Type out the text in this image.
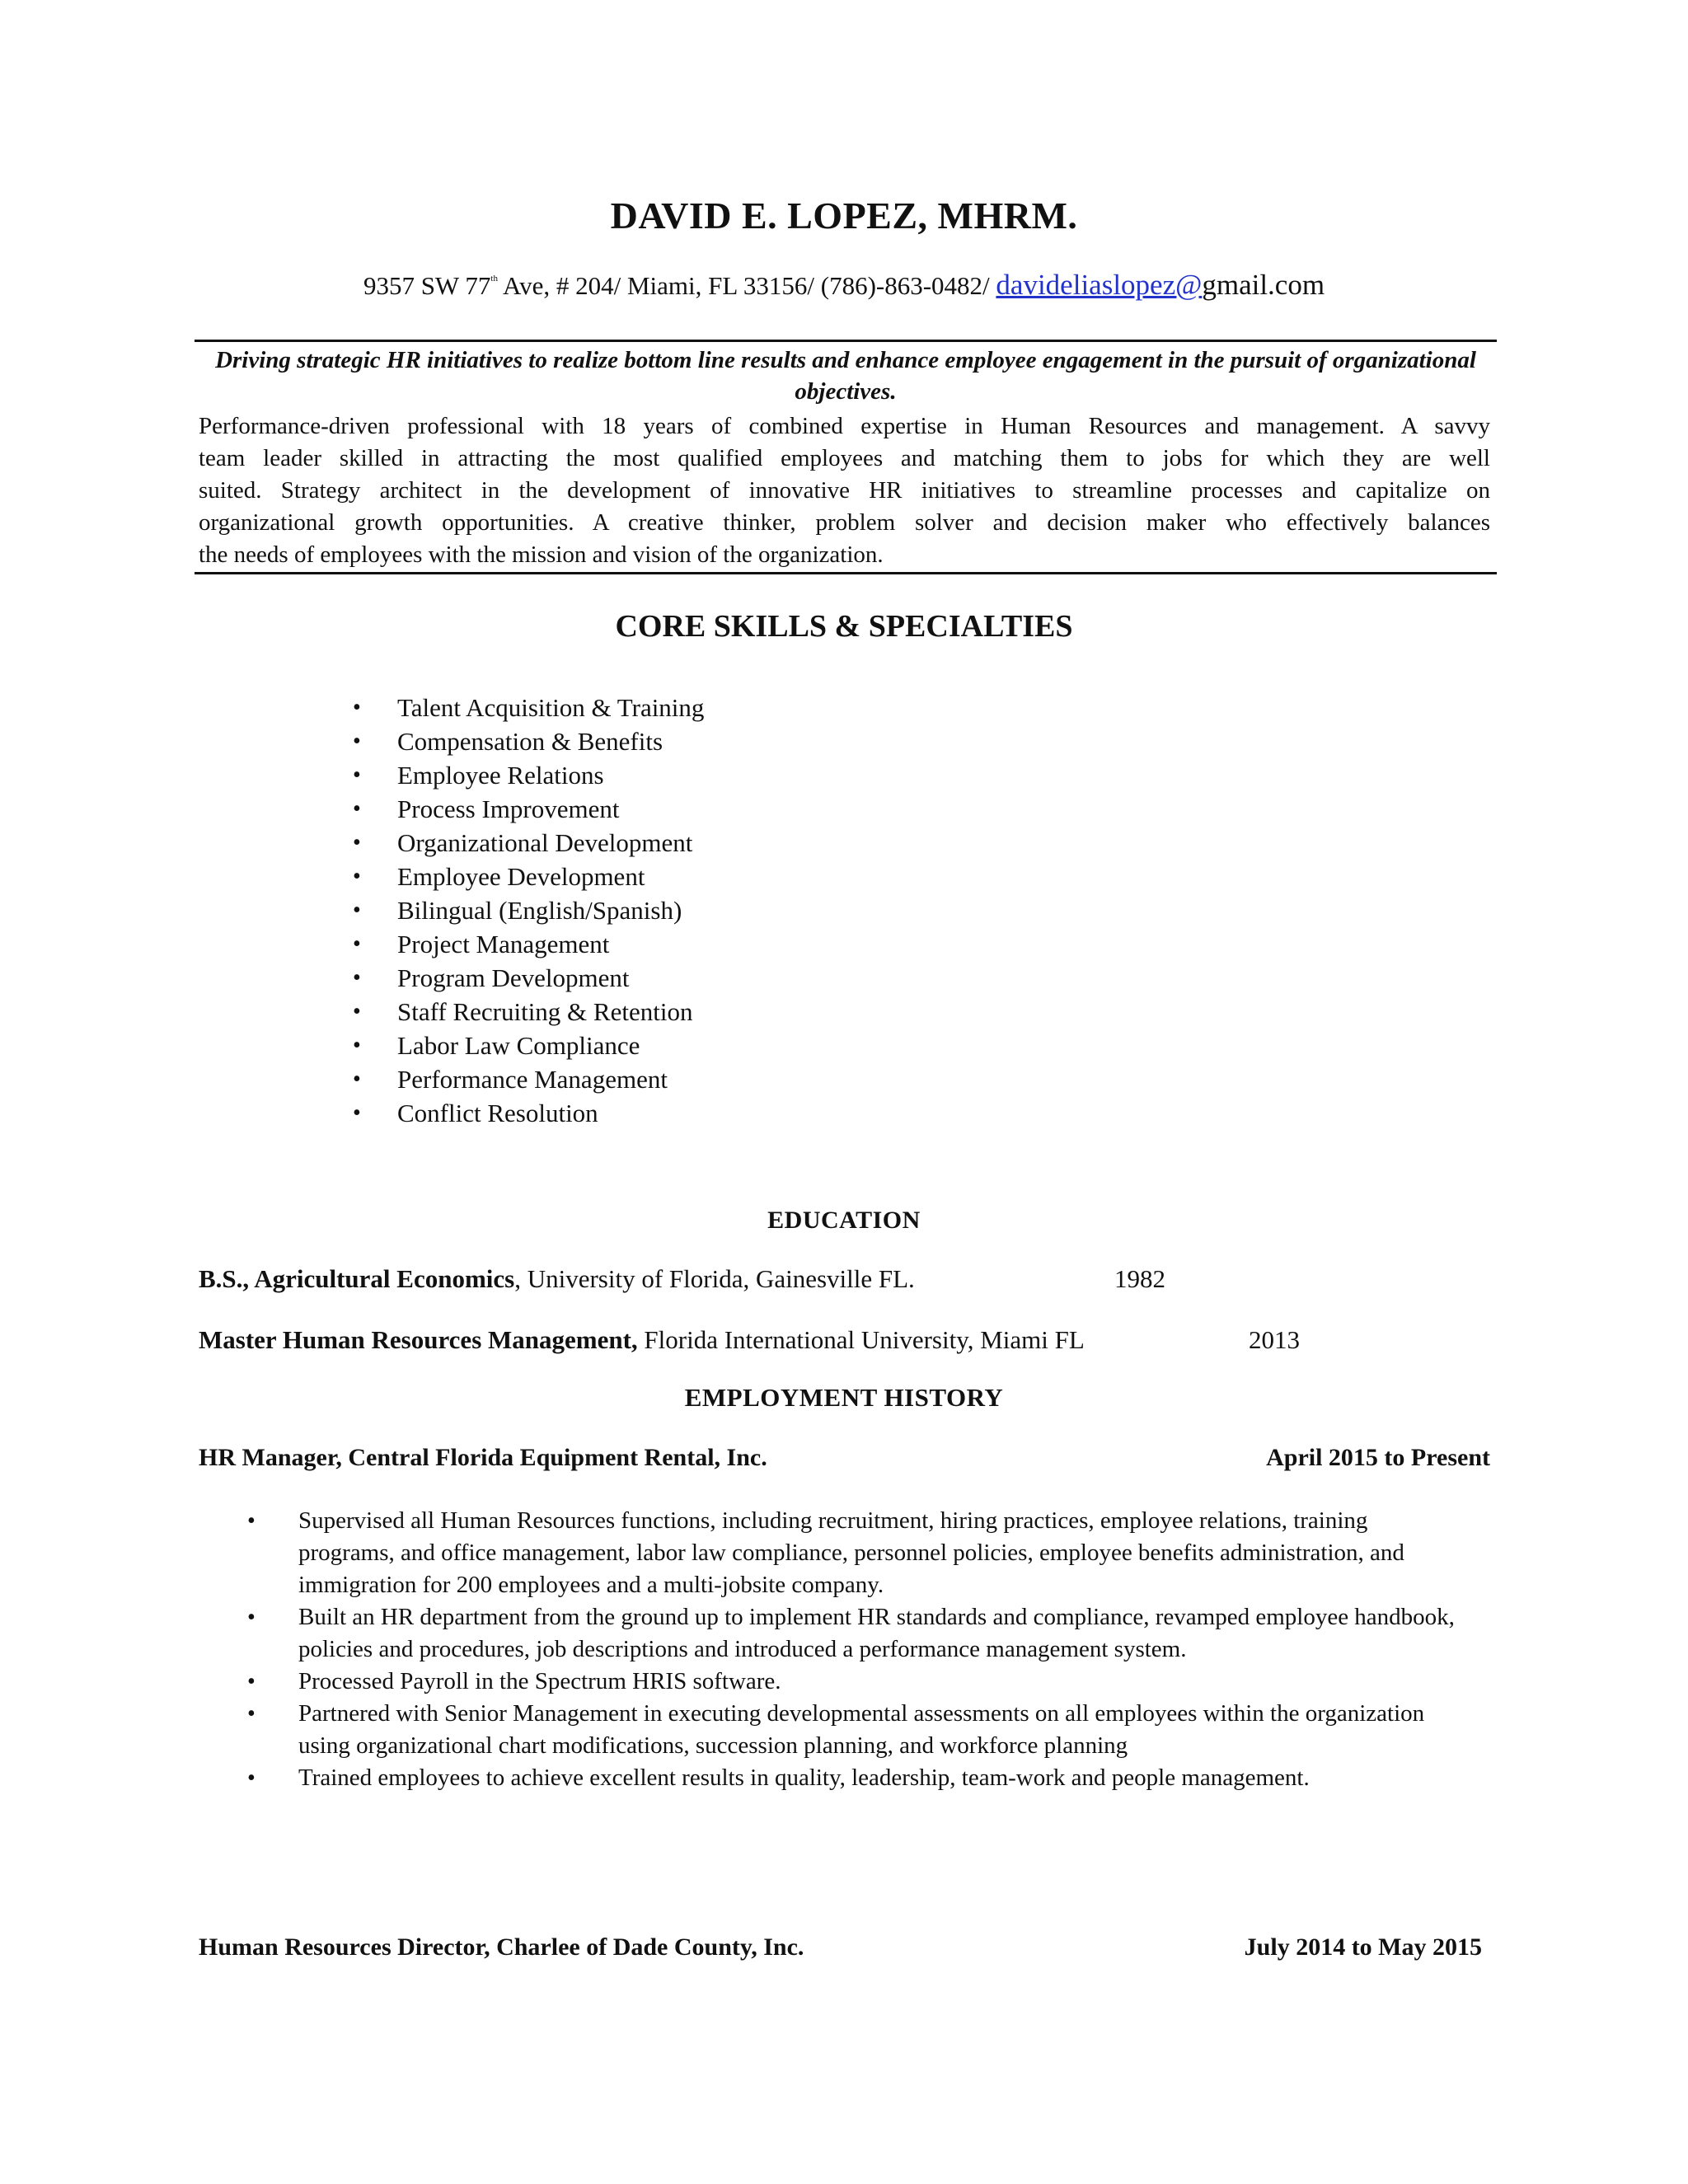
DAVID E. LOPEZ, MHRM.
9357 SW 77th Ave, # 204/ Miami, FL 33156/ (786)-863-0482/ davideliaslopez@gmail.com
Driving strategic HR initiatives to realize bottom line results and enhance employee engagement in the pursuit of organizational objectives.
Performance-driven professional with 18 years of combined expertise in Human Resources and management. A savvy
team leader skilled in attracting the most qualified employees and matching them to jobs for which they are well
suited. Strategy architect in the development of innovative HR initiatives to streamline processes and capitalize on
organizational growth opportunities. A creative thinker, problem solver and decision maker who effectively balances
the needs of employees with the mission and vision of the organization.
CORE SKILLS & SPECIALTIES
• Talent Acquisition & Training
• Compensation & Benefits
• Employee Relations
• Process Improvement
• Organizational Development
• Employee Development
• Bilingual (English/Spanish)
• Project Management
• Program Development
• Staff Recruiting & Retention
• Labor Law Compliance
• Performance Management
• Conflict Resolution
EDUCATION
B.S., Agricultural Economics, University of Florida, Gainesville FL.	1982
Master Human Resources Management, Florida International University, Miami FL	2013
EMPLOYMENT HISTORY
HR Manager, Central Florida Equipment Rental, Inc.	April 2015 to Present
• Supervised all Human Resources functions, including recruitment, hiring practices, employee relations, training programs, and office management, labor law compliance, personnel policies, employee benefits administration, and immigration for 200 employees and a multi-jobsite company.
• Built an HR department from the ground up to implement HR standards and compliance, revamped employee handbook, policies and procedures, job descriptions and introduced a performance management system.
• Processed Payroll in the Spectrum HRIS software.
• Partnered with Senior Management in executing developmental assessments on all employees within the organization using organizational chart modifications, succession planning, and workforce planning
• Trained employees to achieve excellent results in quality, leadership, team-work and people management.
Human Resources Director, Charlee of Dade County, Inc.	July 2014 to May 2015
